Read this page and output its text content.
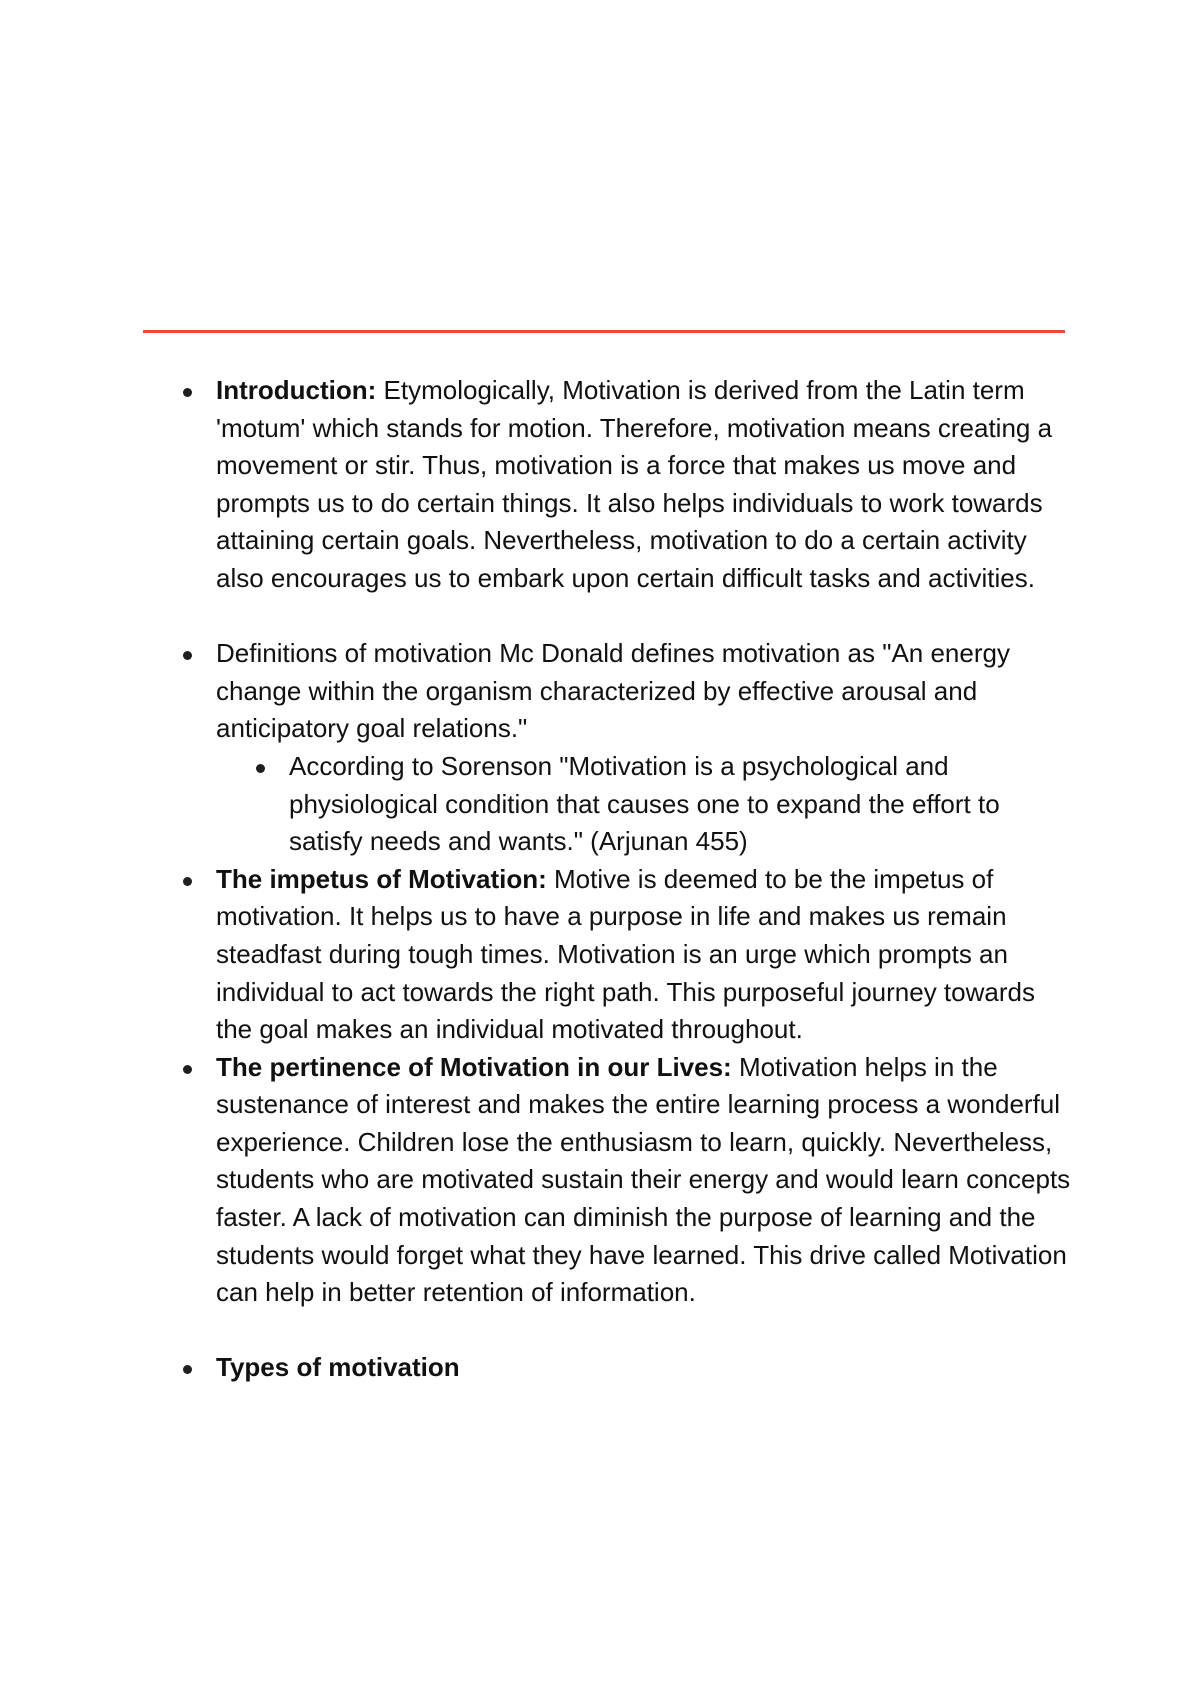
Introduction: Etymologically, Motivation is derived from the Latin term 'motum' which stands for motion. Therefore, motivation means creating a movement or stir. Thus, motivation is a force that makes us move and prompts us to do certain things. It also helps individuals to work towards attaining certain goals. Nevertheless, motivation to do a certain activity also encourages us to embark upon certain difficult tasks and activities.
Definitions of motivation Mc Donald defines motivation as "An energy change within the organism characterized by effective arousal and anticipatory goal relations."
According to Sorenson "Motivation is a psychological and physiological condition that causes one to expand the effort to satisfy needs and wants." (Arjunan 455)
The impetus of Motivation: Motive is deemed to be the impetus of motivation. It helps us to have a purpose in life and makes us remain steadfast during tough times. Motivation is an urge which prompts an individual to act towards the right path. This purposeful journey towards the goal makes an individual motivated throughout.
The pertinence of Motivation in our Lives: Motivation helps in the sustenance of interest and makes the entire learning process a wonderful experience. Children lose the enthusiasm to learn, quickly. Nevertheless, students who are motivated sustain their energy and would learn concepts faster. A lack of motivation can diminish the purpose of learning and the students would forget what they have learned. This drive called Motivation can help in better retention of information.
Types of motivation
